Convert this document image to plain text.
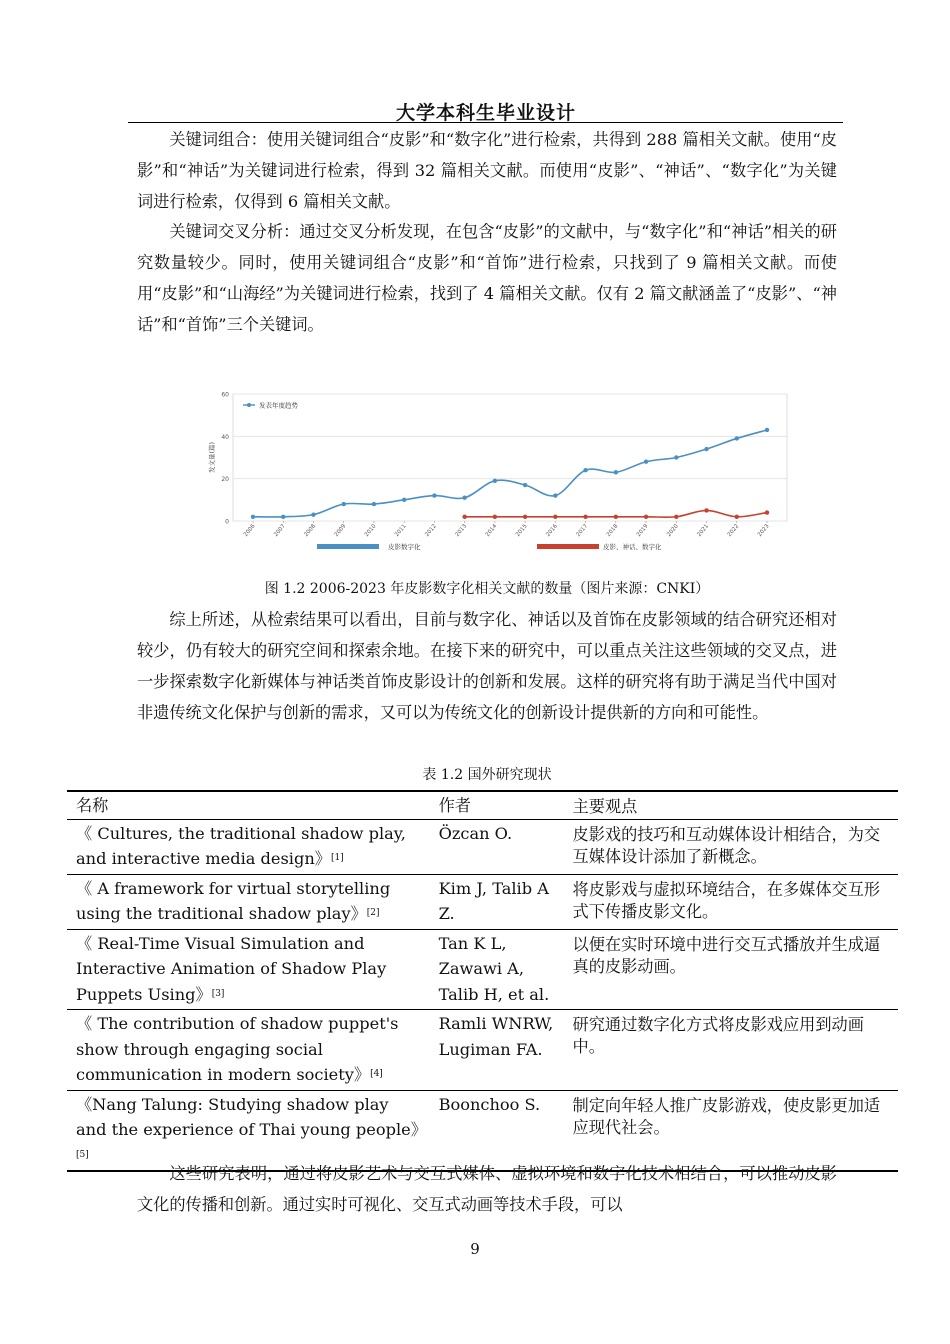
大学本科生毕业设计

关键词组合：使用关键词组合“皮影”和“数字化”进行检索，共得到 288 篇相关文献。使用“皮影”和“神话”为关键词进行检索，得到 32 篇相关文献。而使用“皮影”、“神话”、“数字化”为关键词进行检索，仅得到 6 篇相关文献。

关键词交叉分析：通过交叉分析发现，在包含“皮影”的文献中，与“数字化”和“神话”相关的研究数量较少。同时，使用关键词组合“皮影”和“首饰”进行检索，只找到了 9 篇相关文献。而使用“皮影”和“山海经”为关键词进行检索，找到了 4 篇相关文献。仅有 2 篇文献涵盖了“皮影”、“神话”和“首饰”三个关键词。

0
20
40
60
发文量(篇)
2006	2007	2008	2009	2010	2011	2012	2013	2014	2015	2016	2017	2018	2019	2020	2021	2022	2023
发表年度趋势
皮影数字化	皮影、神话、数字化
图 1.2 2006-2023 年皮影数字化相关文献的数量（图片来源：CNKI）

综上所述，从检索结果可以看出，目前与数字化、神话以及首饰在皮影领域的结合研究还相对较少，仍有较大的研究空间和探索余地。在接下来的研究中，可以重点关注这些领域的交叉点，进一步探索数字化新媒体与神话类首饰皮影设计的创新和发展。这样的研究将有助于满足当代中国对非遗传统文化保护与创新的需求，又可以为传统文化的创新设计提供新的方向和可能性。

表 1.2 国外研究现状
名称	作者	主要观点
《 Cultures, the traditional shadow play, and interactive media design》[1]	Özcan O.	皮影戏的技巧和互动媒体设计相结合，为交互媒体设计添加了新概念。
《 A framework for virtual storytelling using the traditional shadow play》[2]	Kim J, Talib A Z.	将皮影戏与虚拟环境结合，在多媒体交互形式下传播皮影文化。
《 Real-Time Visual Simulation and Interactive Animation of Shadow Play Puppets Using》[3]	Tan K L, Zawawi A, Talib H, et al.	以便在实时环境中进行交互式播放并生成逼真的皮影动画。
《 The contribution of shadow puppet's show through engaging social communication in modern society》[4]	Ramli WNRW, Lugiman FA.	研究通过数字化方式将皮影戏应用到动画中。
《Nang Talung: Studying shadow play and the experience of Thai young people》[5]	Boonchoo S.	制定向年轻人推广皮影游戏，使皮影更加适应现代社会。

这些研究表明，通过将皮影艺术与交互式媒体、虚拟环境和数字化技术相结合，可以推动皮影文化的传播和创新。通过实时可视化、交互式动画等技术手段，可以

9
